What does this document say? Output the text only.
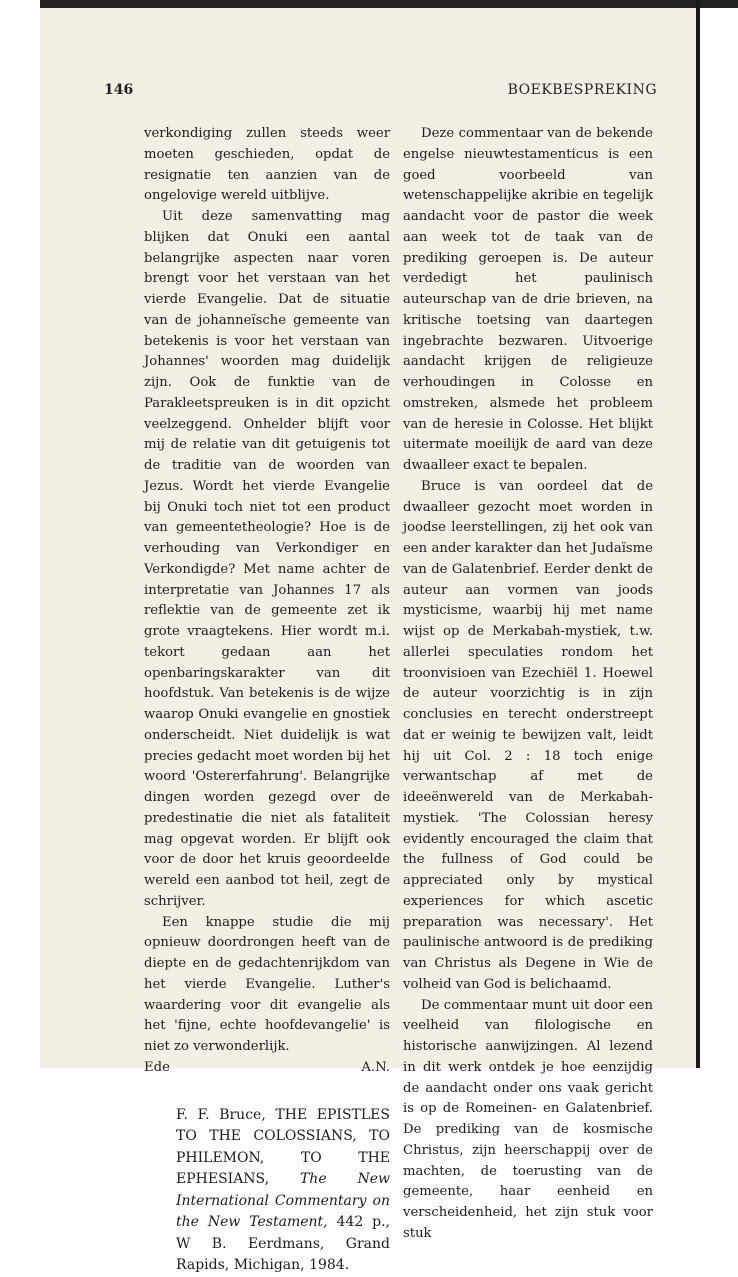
146	BOEKBESPREKING

verkondiging zullen steeds weer moeten geschieden, opdat de resignatie ten aanzien van de ongelovige wereld uitblijve.

Uit deze samenvatting mag blijken dat Onuki een aantal belangrijke aspecten naar voren brengt voor het verstaan van het vierde Evangelie. Dat de situatie van de johanneïsche gemeente van betekenis is voor het verstaan van Johannes' woorden mag duidelijk zijn. Ook de funktie van de Parakleetspreuken is in dit opzicht veelzeggend. Onhelder blijft voor mij de relatie van dit getuigenis tot de traditie van de woorden van Jezus. Wordt het vierde Evangelie bij Onuki toch niet tot een product van gemeentetheologie? Hoe is de verhouding van Verkondiger en Verkondigde? Met name achter de interpretatie van Johannes 17 als reflektie van de gemeente zet ik grote vraagtekens. Hier wordt m.i. tekort gedaan aan het openbaringskarakter van dit hoofdstuk. Van betekenis is de wijze waarop Onuki evangelie en gnostiek onderscheidt. Niet duidelijk is wat precies gedacht moet worden bij het woord 'Ostererfahrung'. Belangrijke dingen worden gezegd over de predestinatie die niet als fataliteit mag opgevat worden. Er blijft ook voor de door het kruis geoordeelde wereld een aanbod tot heil, zegt de schrijver.

Een knappe studie die mij opnieuw doordrongen heeft van de diepte en de gedachtenrijkdom van het vierde Evangelie. Luther's waardering voor dit evangelie als het 'fijne, echte hoofdevangelie' is niet zo verwonderlijk.

Ede	A.N.
F. F. Bruce, THE EPISTLES TO THE COLOSSIANS, TO PHILEMON, TO THE EPHESIANS, The New International Commentary on the New Testament, 442 p., W B. Eerdmans, Grand Rapids, Michigan, 1984.

Deze commentaar van de bekende engelse nieuwtestamenticus is een goed voorbeeld van wetenschappelijke akribie en tegelijk aandacht voor de pastor die week aan week tot de taak van de prediking geroepen is. De auteur verdedigt het paulinisch auteurschap van de drie brieven, na kritische toetsing van daartegen ingebrachte bezwaren. Uitvoerige aandacht krijgen de religieuze verhoudingen in Colosse en omstreken, alsmede het probleem van de heresie in Colosse. Het blijkt uitermate moeilijk de aard van deze dwaalleer exact te bepalen.

Bruce is van oordeel dat de dwaalleer gezocht moet worden in joodse leerstellingen, zij het ook van een ander karakter dan het Judaïsme van de Galatenbrief. Eerder denkt de auteur aan vormen van joods mysticisme, waarbij hij met name wijst op de Merkabah-mystiek, t.w. allerlei speculaties rondom het troonvisioen van Ezechiël 1. Hoewel de auteur voorzichtig is in zijn conclusies en terecht onderstreept dat er weinig te bewijzen valt, leidt hij uit Col. 2 : 18 toch enige verwantschap af met de ideeënwereld van de Merkabah-mystiek. 'The Colossian heresy evidently encouraged the claim that the fullness of God could be appreciated only by mystical experiences for which ascetic preparation was necessary'. Het paulinische antwoord is de prediking van Christus als Degene in Wie de volheid van God is belichaamd.

De commentaar munt uit door een veelheid van filologische en historische aanwijzingen. Al lezend in dit werk ontdek je hoe eenzijdig de aandacht onder ons vaak gericht is op de Romeinen- en Galatenbrief. De prediking van de kosmische Christus, zijn heerschappij over de machten, de toerusting van de gemeente, haar eenheid en verscheidenheid, het zijn stuk voor stuk
